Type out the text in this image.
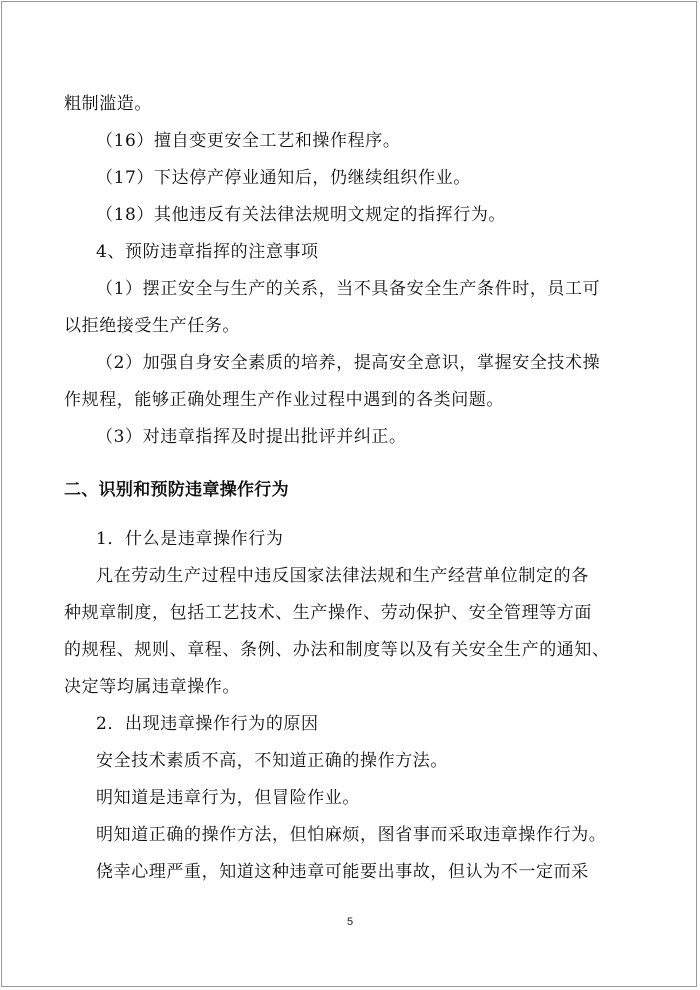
粗制滥造。
（16）擅自变更安全工艺和操作程序。
（17）下达停产停业通知后，仍继续组织作业。
（18）其他违反有关法律法规明文规定的指挥行为。
4、预防违章指挥的注意事项
（1）摆正安全与生产的关系，当不具备安全生产条件时，员工可
以拒绝接受生产任务。
（2）加强自身安全素质的培养，提高安全意识，掌握安全技术操
作规程，能够正确处理生产作业过程中遇到的各类问题。
（3）对违章指挥及时提出批评并纠正。
二、识别和预防违章操作行为
1．什么是违章操作行为
凡在劳动生产过程中违反国家法律法规和生产经营单位制定的各
种规章制度，包括工艺技术、生产操作、劳动保护、安全管理等方面
的规程、规则、章程、条例、办法和制度等以及有关安全生产的通知、
决定等均属违章操作。
2．出现违章操作行为的原因
安全技术素质不高，不知道正确的操作方法。
明知道是违章行为，但冒险作业。
明知道正确的操作方法，但怕麻烦，图省事而采取违章操作行为。
侥幸心理严重，知道这种违章可能要出事故，但认为不一定而采
5
